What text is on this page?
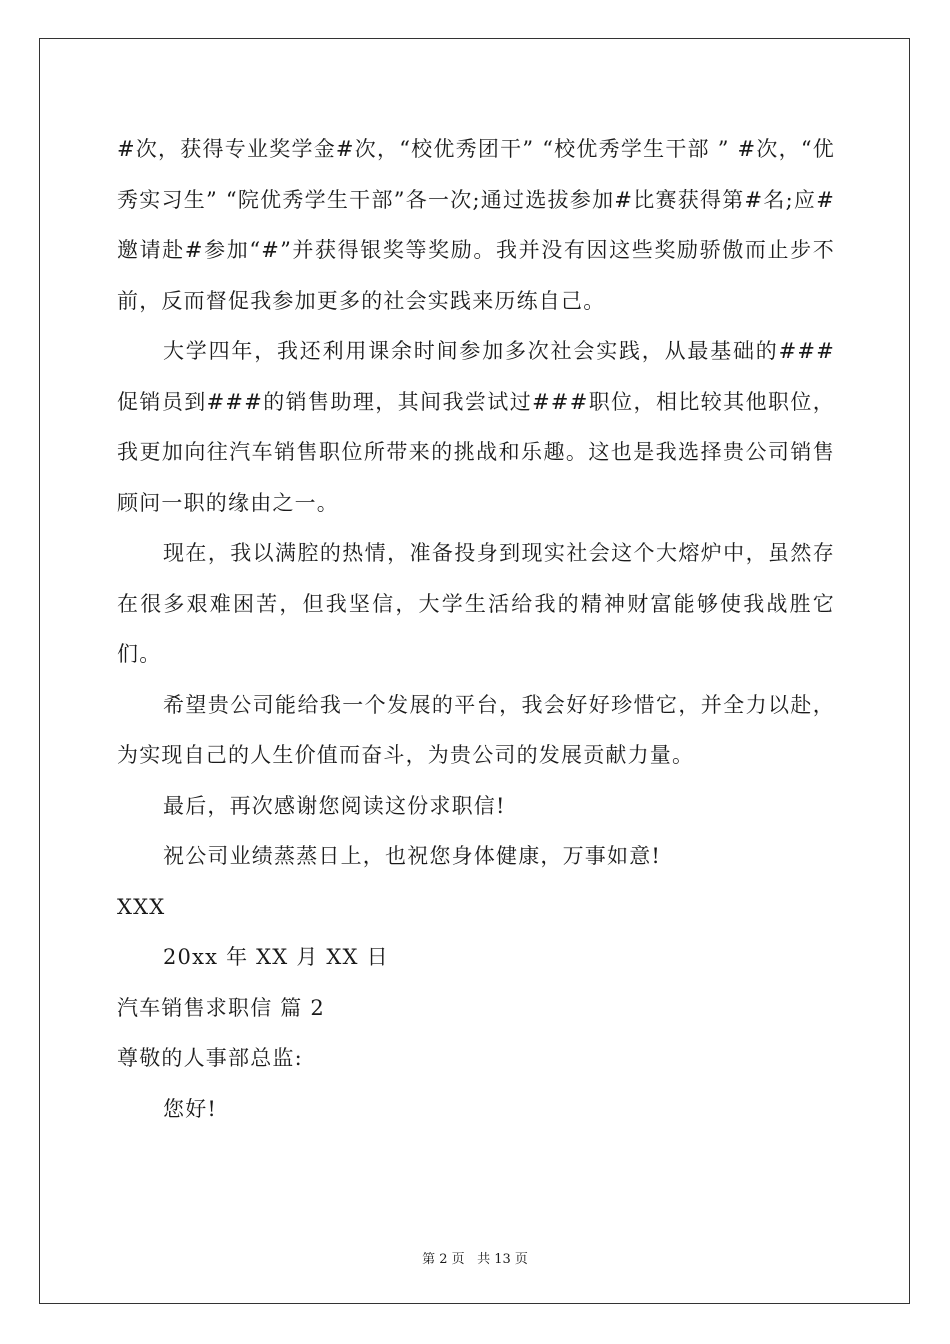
#次，获得专业奖学金#次，“校优秀团干” “校优秀学生干部 ” #次，“优秀实习生” “院优秀学生干部”各一次;通过选拔参加#比赛获得第#名;应#邀请赴#参加“#”并获得银奖等奖励。我并没有因这些奖励骄傲而止步不前，反而督促我参加更多的社会实践来历练自己。

大学四年，我还利用课余时间参加多次社会实践，从最基础的###促销员到###的销售助理，其间我尝试过###职位，相比较其他职位，我更加向往汽车销售职位所带来的挑战和乐趣。这也是我选择贵公司销售顾问一职的缘由之一。

现在，我以满腔的热情，准备投身到现实社会这个大熔炉中，虽然存在很多艰难困苦，但我坚信，大学生活给我的精神财富能够使我战胜它们。

希望贵公司能给我一个发展的平台，我会好好珍惜它，并全力以赴，为实现自己的人生价值而奋斗，为贵公司的发展贡献力量。

最后，再次感谢您阅读这份求职信!

祝公司业绩蒸蒸日上，也祝您身体健康，万事如意!

XXX

20xx 年 XX 月 XX 日

汽车销售求职信 篇 2

尊敬的人事部总监:

您好!

第 2 页 共 13 页
